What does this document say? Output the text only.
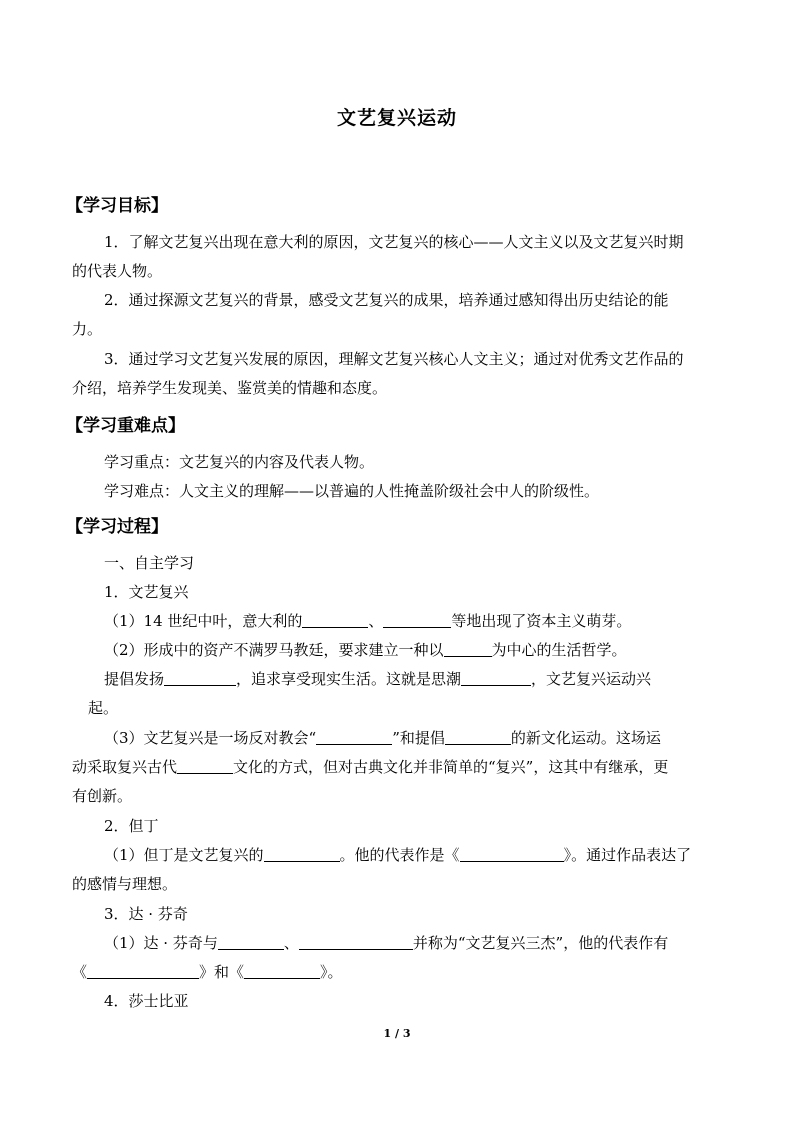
文艺复兴运动
【学习目标】
1．了解文艺复兴出现在意大利的原因，文艺复兴的核心——人文主义以及文艺复兴时期
的代表人物。
2．通过探源文艺复兴的背景，感受文艺复兴的成果，培养通过感知得出历史结论的能
力。
3．通过学习文艺复兴发展的原因，理解文艺复兴核心人文主义；通过对优秀文艺作品的
介绍，培养学生发现美、鉴赏美的情趣和态度。
【学习重难点】
学习重点：文艺复兴的内容及代表人物。
学习难点：人文主义的理解——以普遍的人性掩盖阶级社会中人的阶级性。
【学习过程】
一、自主学习
1．文艺复兴
（1）14 世纪中叶，意大利的	、	等地出现了资本主义萌芽。
（2）形成中的资产不满罗马教廷，要求建立一种以	为中心的生活哲学。
提倡发扬	，追求享受现实生活。这就是思潮	，文艺复兴运动兴
起。
（3）文艺复兴是一场反对教会“	”和提倡	的新文化运动。这场运
动采取复兴古代	文化的方式，但对古典文化并非简单的“复兴”，这其中有继承，更
有创新。
2．但丁
（1）但丁是文艺复兴的	。他的代表作是《	》。通过作品表达了
的感情与理想。
3．达 · 芬奇
（1）达 · 芬奇与	、	并称为“文艺复兴三杰”，他的代表作有
《	》和《	》。
4．莎士比亚
1 / 3
